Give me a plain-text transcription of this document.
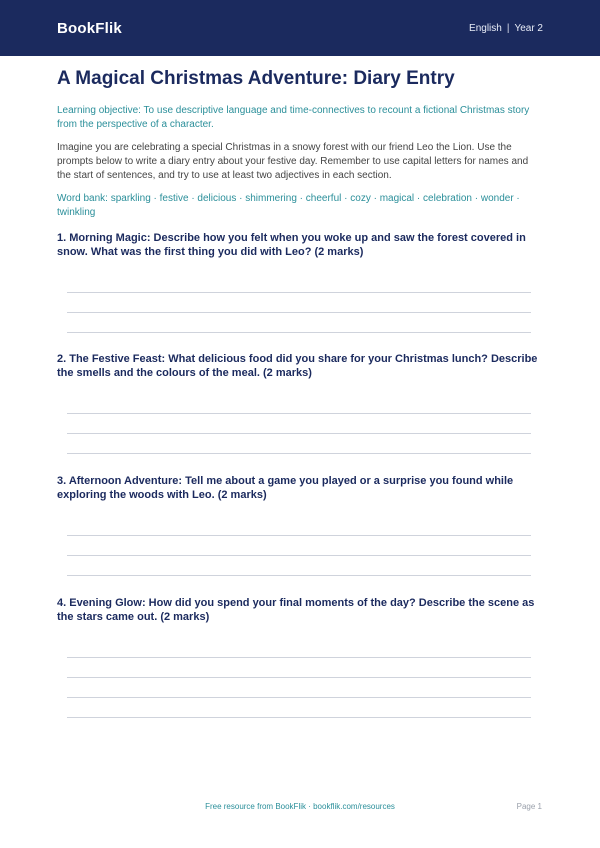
BookFlik	English | Year 2
A Magical Christmas Adventure: Diary Entry

Learning objective: To use descriptive language and time-connectives to recount a fictional Christmas story from the perspective of a character.

Imagine you are celebrating a special Christmas in a snowy forest with our friend Leo the Lion. Use the prompts below to write a diary entry about your festive day. Remember to use capital letters for names and the start of sentences, and try to use at least two adjectives in each section.

Word bank: sparkling · festive · delicious · shimmering · cheerful · cozy · magical · celebration · wonder · twinkling

1. Morning Magic: Describe how you felt when you woke up and saw the forest covered in snow. What was the first thing you did with Leo? (2 marks)
2. The Festive Feast: What delicious food did you share for your Christmas lunch? Describe the smells and the colours of the meal. (2 marks)
3. Afternoon Adventure: Tell me about a game you played or a surprise you found while exploring the woods with Leo. (2 marks)
4. Evening Glow: How did you spend your final moments of the day? Describe the scene as the stars came out. (2 marks)
Free resource from BookFlik · bookflik.com/resources	Page 1
